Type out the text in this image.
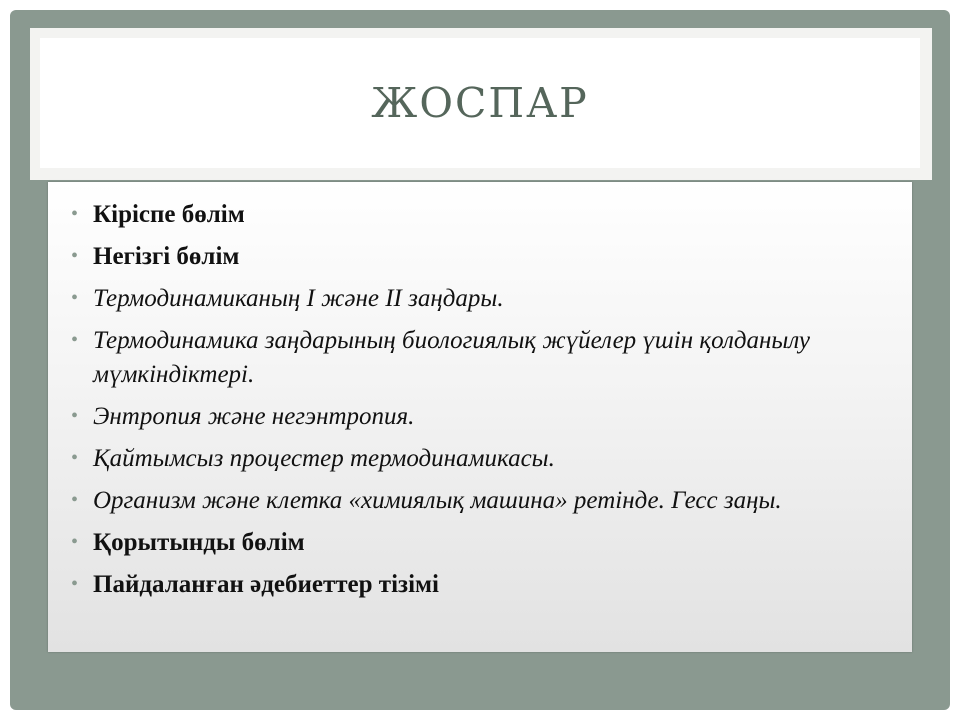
ЖОСПАР
• Кіріспе бөлім
• Негізгі бөлім
• Термодинамиканың I және II заңдары.
• Термодинамика заңдарының биологиялық жүйелер үшін қолданылу мүмкіндіктері.
• Энтропия және негэнтропия.
• Қайтымсыз процестер термодинамикасы.
• Организм және клетка «химиялық машина» ретінде. Гесс заңы.
• Қорытынды бөлім
• Пайдаланған әдебиеттер тізімі
